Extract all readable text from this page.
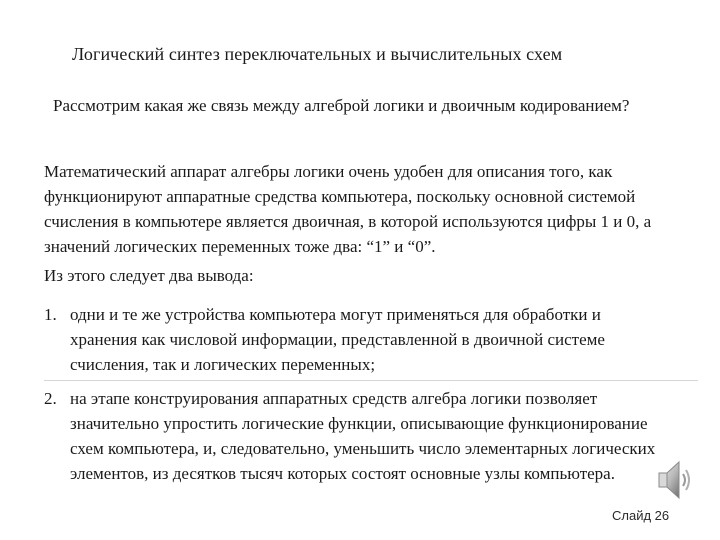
Логический синтез переключательных и вычислительных схем
Рассмотрим какая же связь между алгеброй логики и двоичным кодированием?
Математический аппарат алгебры логики очень удобен для описания того, как
функционируют аппаратные средства компьютера, поскольку основной системой
счисления в компьютере является двоичная, в которой используются цифры 1 и 0, а
значений логических переменных тоже два: “1” и “0”.
Из этого следует два вывода:
1. одни и те же устройства компьютера могут применяться для обработки и
хранения как числовой информации, представленной в двоичной системе
счисления, так и логических переменных;
2. на этапе конструирования аппаратных средств алгебра логики позволяет
значительно упростить логические функции, описывающие функционирование
схем компьютера, и, следовательно, уменьшить число элементарных логических
элементов, из десятков тысяч которых состоят основные узлы компьютера.
Слайд 26
